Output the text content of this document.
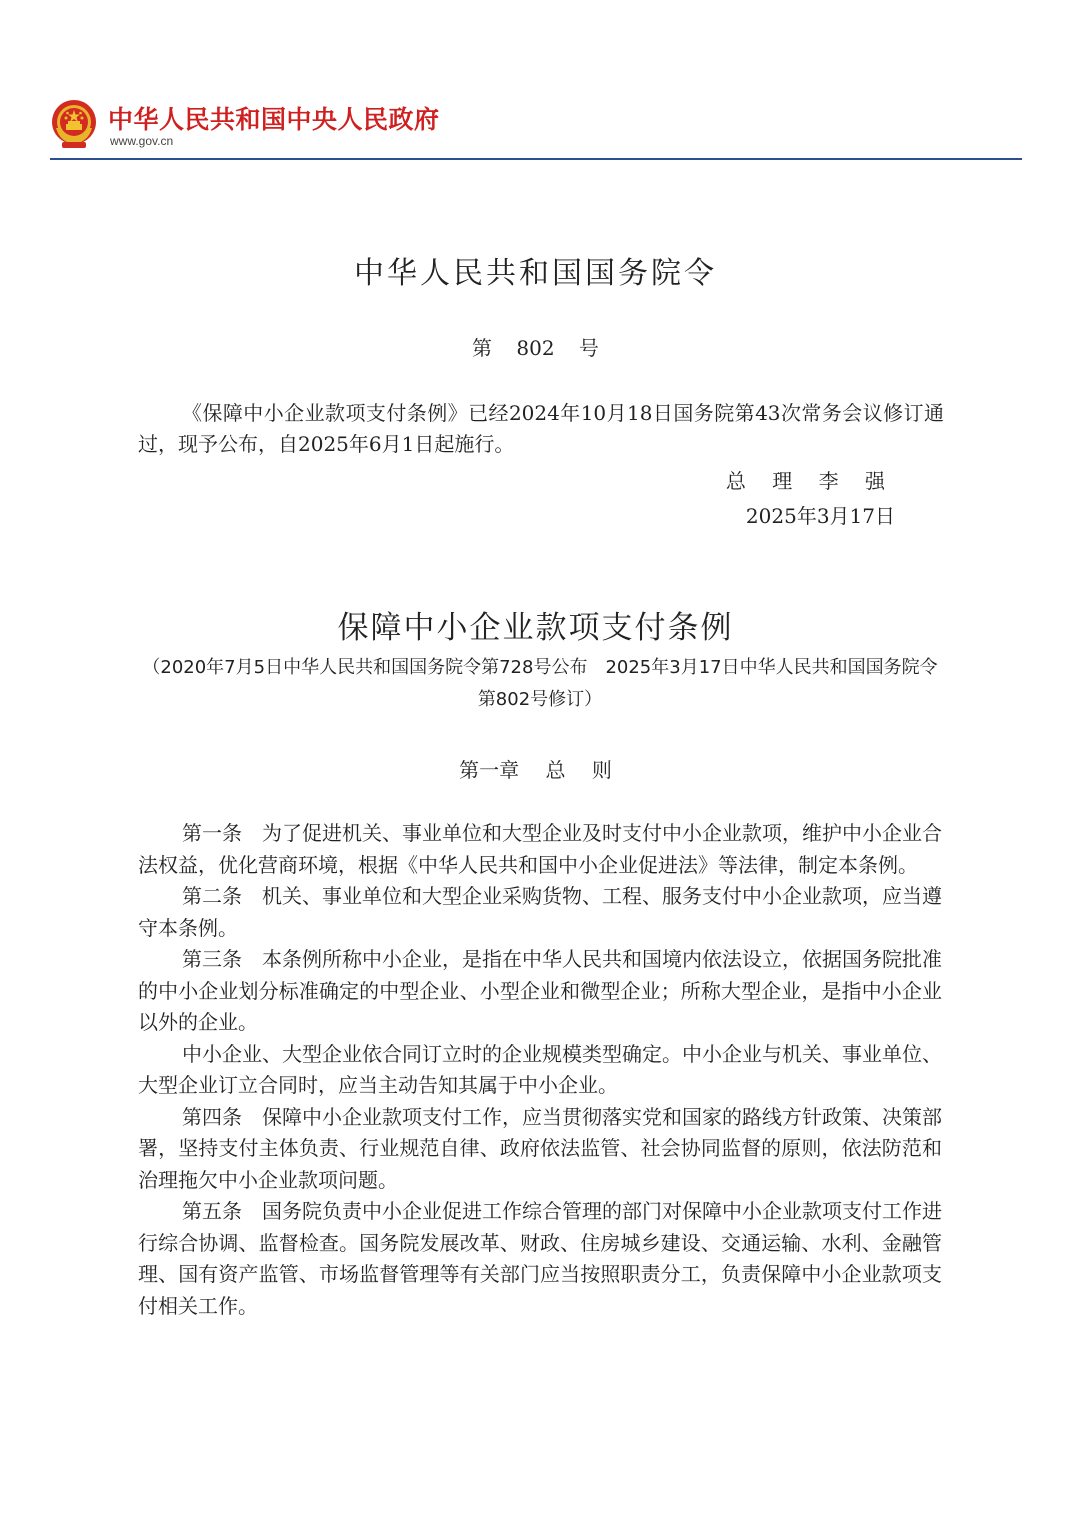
中华人民共和国中央人民政府
www.gov.cn
中华人民共和国国务院令
第 802 号
《保障中小企业款项支付条例》已经2024年10月18日国务院第43次常务会议修订通过，现予公布，自2025年6月1日起施行。
总 理 李 强
2025年3月17日
保障中小企业款项支付条例
（2020年7月5日中华人民共和国国务院令第728号公布　2025年3月17日中华人民共和国国务院令第802号修订）
第一章 总 则

第一条 为了促进机关、事业单位和大型企业及时支付中小企业款项，维护中小企业合法权益，优化营商环境，根据《中华人民共和国中小企业促进法》等法律，制定本条例。

第二条 机关、事业单位和大型企业采购货物、工程、服务支付中小企业款项，应当遵守本条例。

第三条 本条例所称中小企业，是指在中华人民共和国境内依法设立，依据国务院批准的中小企业划分标准确定的中型企业、小型企业和微型企业；所称大型企业，是指中小企业以外的企业。

中小企业、大型企业依合同订立时的企业规模类型确定。中小企业与机关、事业单位、大型企业订立合同时，应当主动告知其属于中小企业。

第四条 保障中小企业款项支付工作，应当贯彻落实党和国家的路线方针政策、决策部署，坚持支付主体负责、行业规范自律、政府依法监管、社会协同监督的原则，依法防范和治理拖欠中小企业款项问题。

第五条 国务院负责中小企业促进工作综合管理的部门对保障中小企业款项支付工作进行综合协调、监督检查。国务院发展改革、财政、住房城乡建设、交通运输、水利、金融管理、国有资产监管、市场监督管理等有关部门应当按照职责分工，负责保障中小企业款项支付相关工作。
